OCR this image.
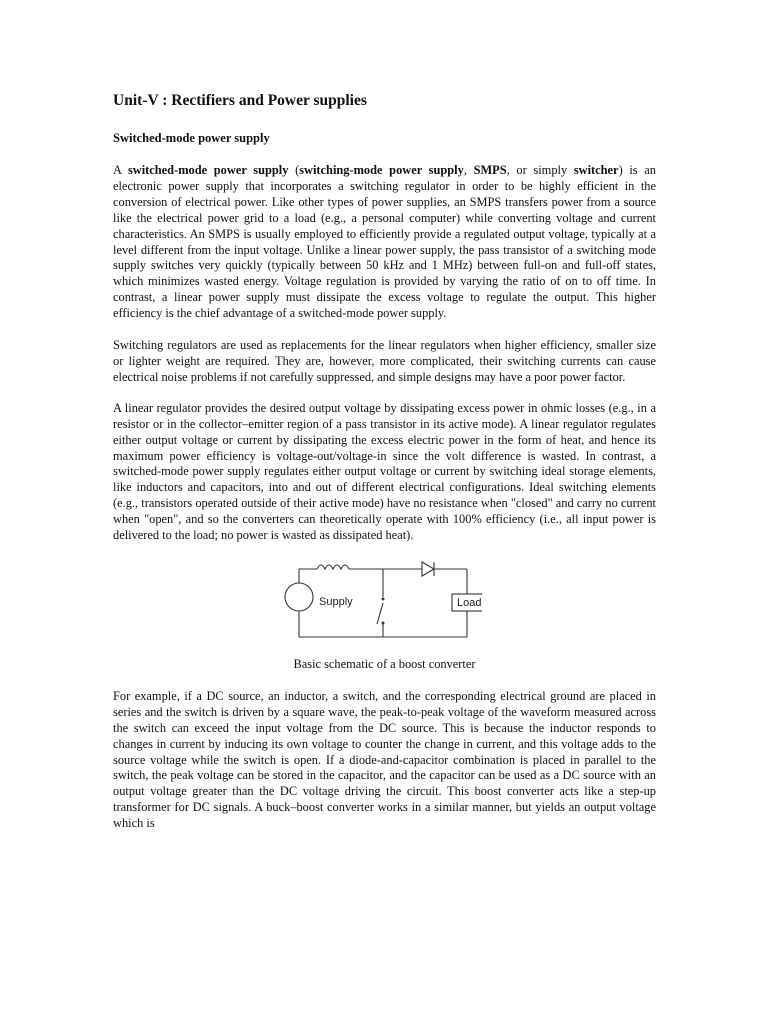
Unit-V : Rectifiers and Power supplies
Switched-mode power supply

A switched-mode power supply (switching-mode power supply, SMPS, or simply switcher) is an electronic power supply that incorporates a switching regulator in order to be highly efficient in the conversion of electrical power. Like other types of power supplies, an SMPS transfers power from a source like the electrical power grid to a load (e.g., a personal computer) while converting voltage and current characteristics. An SMPS is usually employed to efficiently provide a regulated output voltage, typically at a level different from the input voltage. Unlike a linear power supply, the pass transistor of a switching mode supply switches very quickly (typically between 50 kHz and 1 MHz) between full-on and full-off states, which minimizes wasted energy. Voltage regulation is provided by varying the ratio of on to off time. In contrast, a linear power supply must dissipate the excess voltage to regulate the output. This higher efficiency is the chief advantage of a switched-mode power supply.

Switching regulators are used as replacements for the linear regulators when higher efficiency, smaller size or lighter weight are required. They are, however, more complicated, their switching currents can cause electrical noise problems if not carefully suppressed, and simple designs may have a poor power factor.

A linear regulator provides the desired output voltage by dissipating excess power in ohmic losses (e.g., in a resistor or in the collector–emitter region of a pass transistor in its active mode). A linear regulator regulates either output voltage or current by dissipating the excess electric power in the form of heat, and hence its maximum power efficiency is voltage-out/voltage-in since the volt difference is wasted. In contrast, a switched-mode power supply regulates either output voltage or current by switching ideal storage elements, like inductors and capacitors, into and out of different electrical configurations. Ideal switching elements (e.g., transistors operated outside of their active mode) have no resistance when "closed" and carry no current when "open", and so the converters can theoretically operate with 100% efficiency (i.e., all input power is delivered to the load; no power is wasted as dissipated heat).

Supply	Load
Basic schematic of a boost converter

For example, if a DC source, an inductor, a switch, and the corresponding electrical ground are placed in series and the switch is driven by a square wave, the peak-to-peak voltage of the waveform measured across the switch can exceed the input voltage from the DC source. This is because the inductor responds to changes in current by inducing its own voltage to counter the change in current, and this voltage adds to the source voltage while the switch is open. If a diode-and-capacitor combination is placed in parallel to the switch, the peak voltage can be stored in the capacitor, and the capacitor can be used as a DC source with an output voltage greater than the DC voltage driving the circuit. This boost converter acts like a step-up transformer for DC signals. A buck–boost converter works in a similar manner, but yields an output voltage which is
